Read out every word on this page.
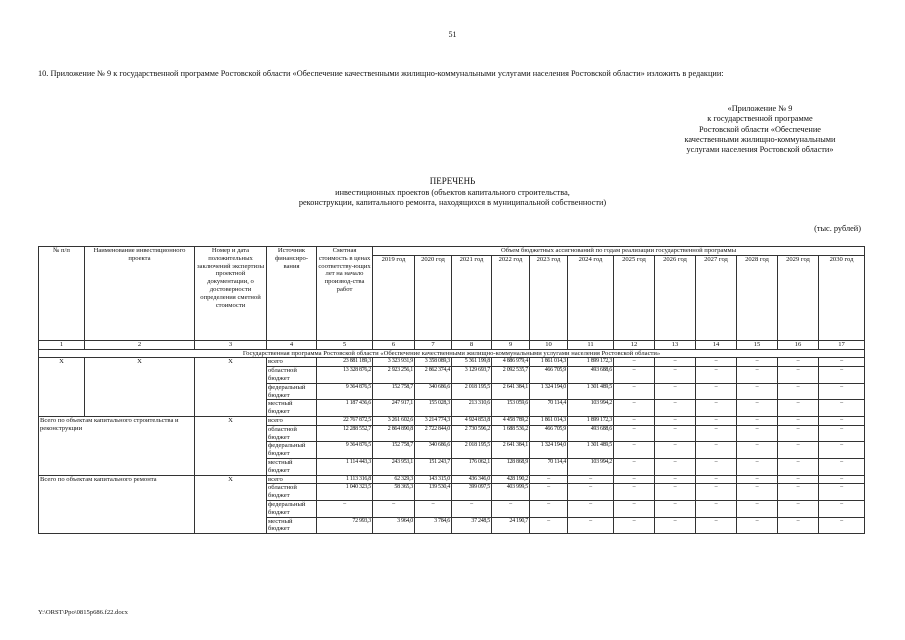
51
10. Приложение № 9 к государственной программе Ростовской области «Обеспечение качественными жилищно-коммунальными услугами населения Ростовской области» изложить в редакции:
«Приложение № 9
к государственной программе
Ростовской области «Обеспечение
качественными жилищно-коммунальными
услугами населения Ростовской области»
ПЕРЕЧЕНЬ
инвестиционных проектов (объектов капитального строительства,
реконструкции, капитального ремонта, находящихся в муниципальной собственности)
(тыс. рублей)
№ п/п	Наименование инвестиционного проекта	Номер и дата положительных заключений экспертизы проектной документации, о достоверности определения сметной стоимости	Источник финансиро-вания	Сметная стоимость в ценах соответству-ющих лет на начало производ-ства работ	Объем бюджетных ассигнований по годам реализации государственной программы											
					2019 год	2020 год	2021 год	2022 год	2023 год	2024 год	2025 год	2026 год	2027 год	2028 год	2029 год	2030 год
1	2	3	4	5	6	7	8	9	10	11	12	13	14	15	16	17
Государственная программа Ростовской области «Обеспечение качественными жилищно-коммунальными услугами населения Ростовской области»																
Х	Х	Х	всего	23 881 189,3	3 323 931,9	3 358 089,3	5 361 199,8	4 886 979,4	1 861 014,3	1 899 172,3	–	–	–	–	–	–
			областной бюджет	13 328 876,2	2 923 256,1	2 862 374,4	3 129 693,7	2 092 535,7	466 705,9	493 688,6	–	–	–	–	–	–
			федеральный бюджет	9 364 876,5	152 758,7	340 686,6	2 018 195,5	2 641 384,1	1 324 194,0	1 301 489,5	–	–	–	–	–	–
			местный бюджет	1 187 436,6	247 917,1	155 028,3	213 310,6	153 059,6	70 114,4	103 994,2	–	–	–	–	–	–
Всего по объектам капитального строительства и реконструкции		Х	всего	22 767 872,5	3 261 602,6	3 214 774,3	4 924 853,8	4 458 789,2	1 861 014,3	1 899 172,3	–	–	–	–	–	–
			областной бюджет	12 288 552,7	2 864 890,8	2 722 844,0	2 730 596,2	1 688 536,2	466 705,9	493 688,6	–	–	–	–	–	–
			федеральный бюджет	9 364 876,5	152 758,7	340 686,6	2 018 195,5	2 641 384,1	1 324 194,0	1 301 489,5	–	–	–	–	–	–
			местный бюджет	1 114 443,3	243 953,1	151 243,7	176 062,1	128 868,9	70 114,4	103 994,2	–	–	–	–	–	–
Всего по объектам капитального ремонта		Х	всего	1 113 316,8	62 329,3	143 315,0	436 346,0	428 190,2	–	–	–	–	–	–	–	–
			областной бюджет	1 040 323,5	58 365,3	139 530,4	399 097,5	403 999,5	–	–	–	–	–	–	–	–
			федеральный бюджет	–	–	–	–	–	–	–	–	–	–	–	–	–
			местный бюджет	72 993,3	3 964,0	3 784,6	37 248,5	24 190,7	–	–	–	–	–	–	–	–
Y:\ORST\Ppo\0815p686.f22.docx
